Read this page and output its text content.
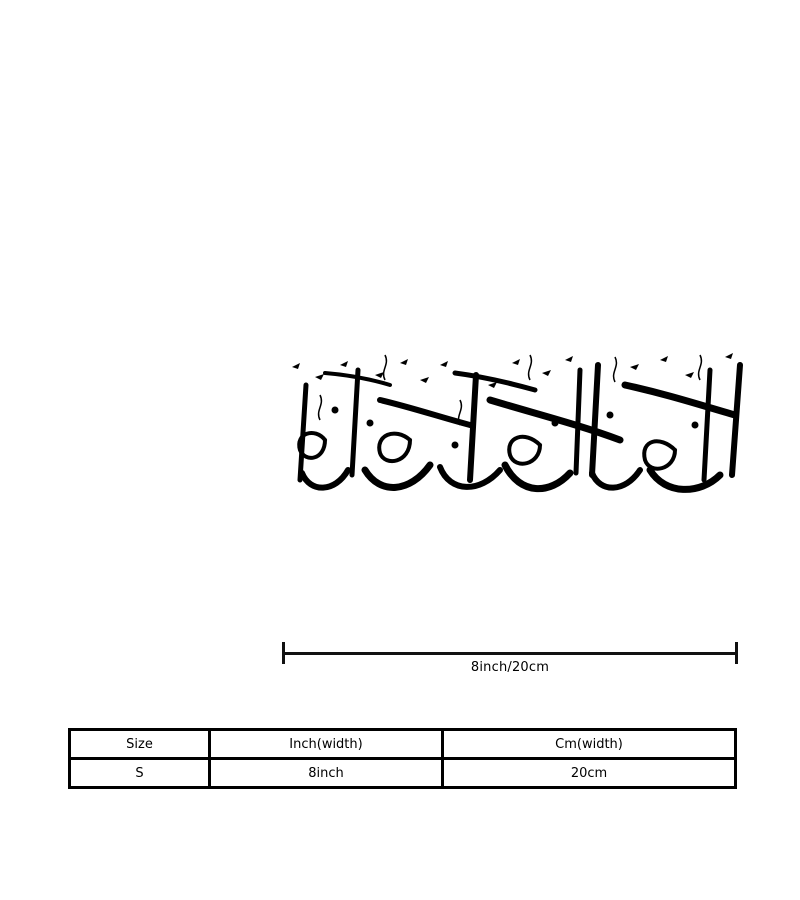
8inch/20cm
Size	Inch(width)	Cm(width)
S	8inch	20cm
